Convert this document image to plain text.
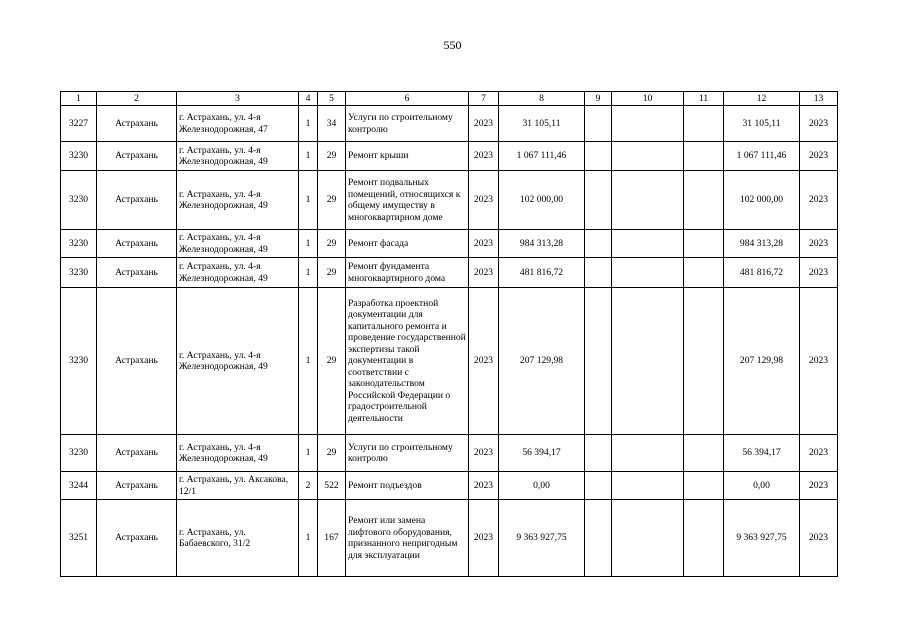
550
1	2	3	4	5	6	7	8	9	10	11	12	13
3227	Астрахань	г. Астрахань, ул. 4-я Железнодорожная, 47	1	34	Услуги по строительному контролю	2023	31 105,11				31 105,11	2023
3230	Астрахань	г. Астрахань, ул. 4-я Железнодорожная, 49	1	29	Ремонт крыши	2023	1 067 111,46				1 067 111,46	2023
3230	Астрахань	г. Астрахань, ул. 4-я Железнодорожная, 49	1	29	Ремонт подвальных помещений, относящихся к общему имуществу в многоквартирном доме	2023	102 000,00				102 000,00	2023
3230	Астрахань	г. Астрахань, ул. 4-я Железнодорожная, 49	1	29	Ремонт фасада	2023	984 313,28				984 313,28	2023
3230	Астрахань	г. Астрахань, ул. 4-я Железнодорожная, 49	1	29	Ремонт фундамента многоквартирного дома	2023	481 816,72				481 816,72	2023
3230	Астрахань	г. Астрахань, ул. 4-я Железнодорожная, 49	1	29	Разработка проектной документации для капитального ремонта и проведение государственной экспертизы такой документации в соответствии с законодательством Российской Федерации о градостроительной деятельности	2023	207 129,98				207 129,98	2023
3230	Астрахань	г. Астрахань, ул. 4-я Железнодорожная, 49	1	29	Услуги по строительному контролю	2023	56 394,17				56 394,17	2023
3244	Астрахань	г. Астрахань, ул. Аксакова, 12/1	2	522	Ремонт подъездов	2023	0,00				0,00	2023
3251	Астрахань	г. Астрахань, ул. Бабаевского, 31/2	1	167	Ремонт или замена лифтового оборудования, признанного непригодным для эксплуатации	2023	9 363 927,75				9 363 927,75	2023
